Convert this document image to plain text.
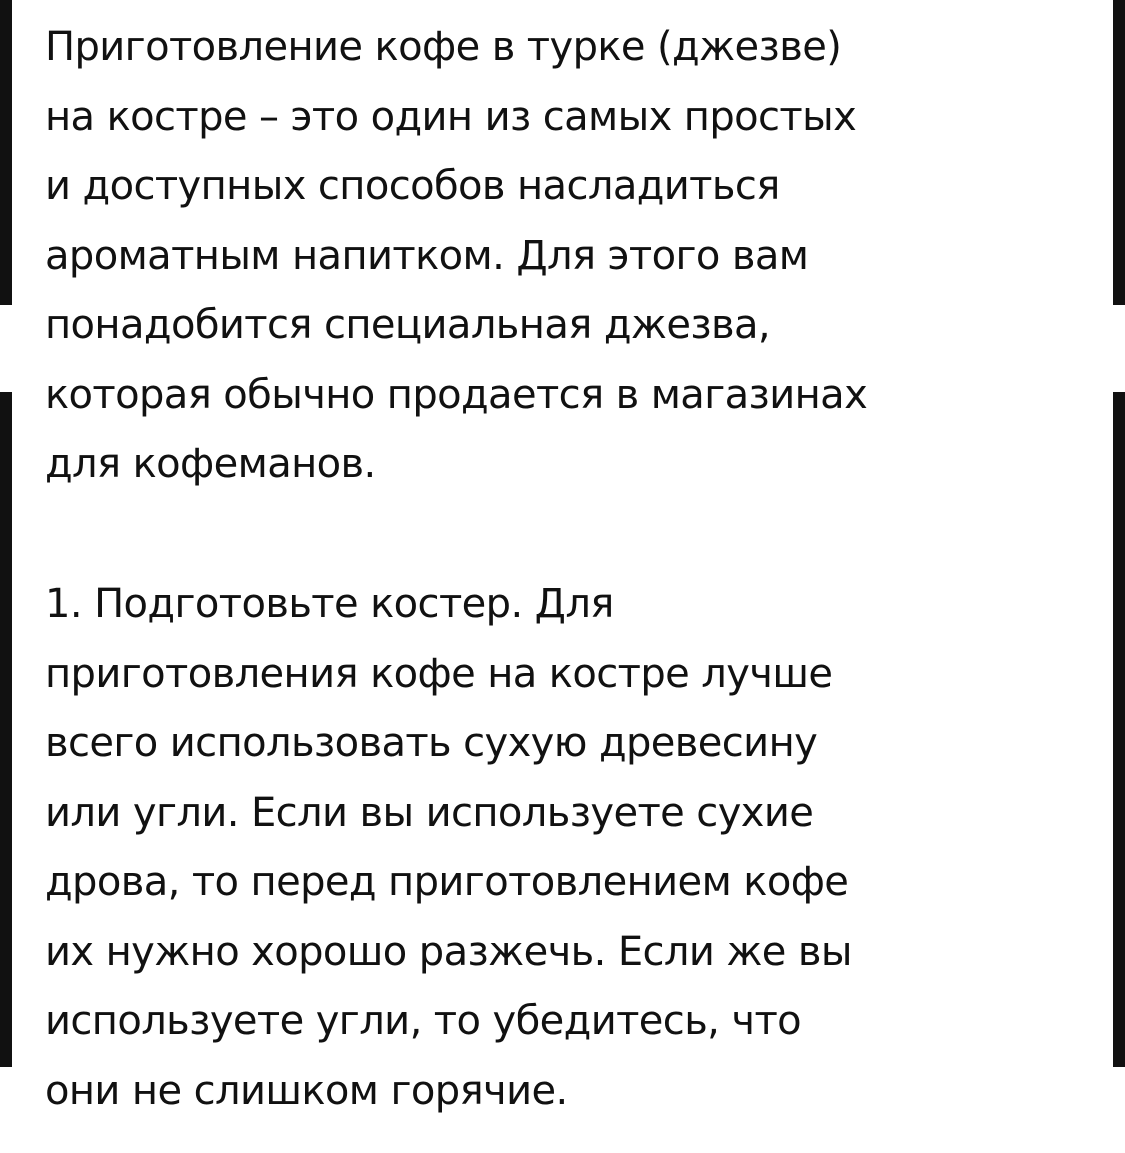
Приготовление кофе в турке (джезве)
на костре – это один из самых простых
и доступных способов насладиться
ароматным напитком. Для этого вам
понадобится специальная джезва,
которая обычно продается в магазинах
для кофеманов.

1. Подготовьте костер. Для
приготовления кофе на костре лучше
всего использовать сухую древесину
или угли. Если вы используете сухие
дрова, то перед приготовлением кофе
их нужно хорошо разжечь. Если же вы
используете угли, то убедитесь, что
они не слишком горячие.
